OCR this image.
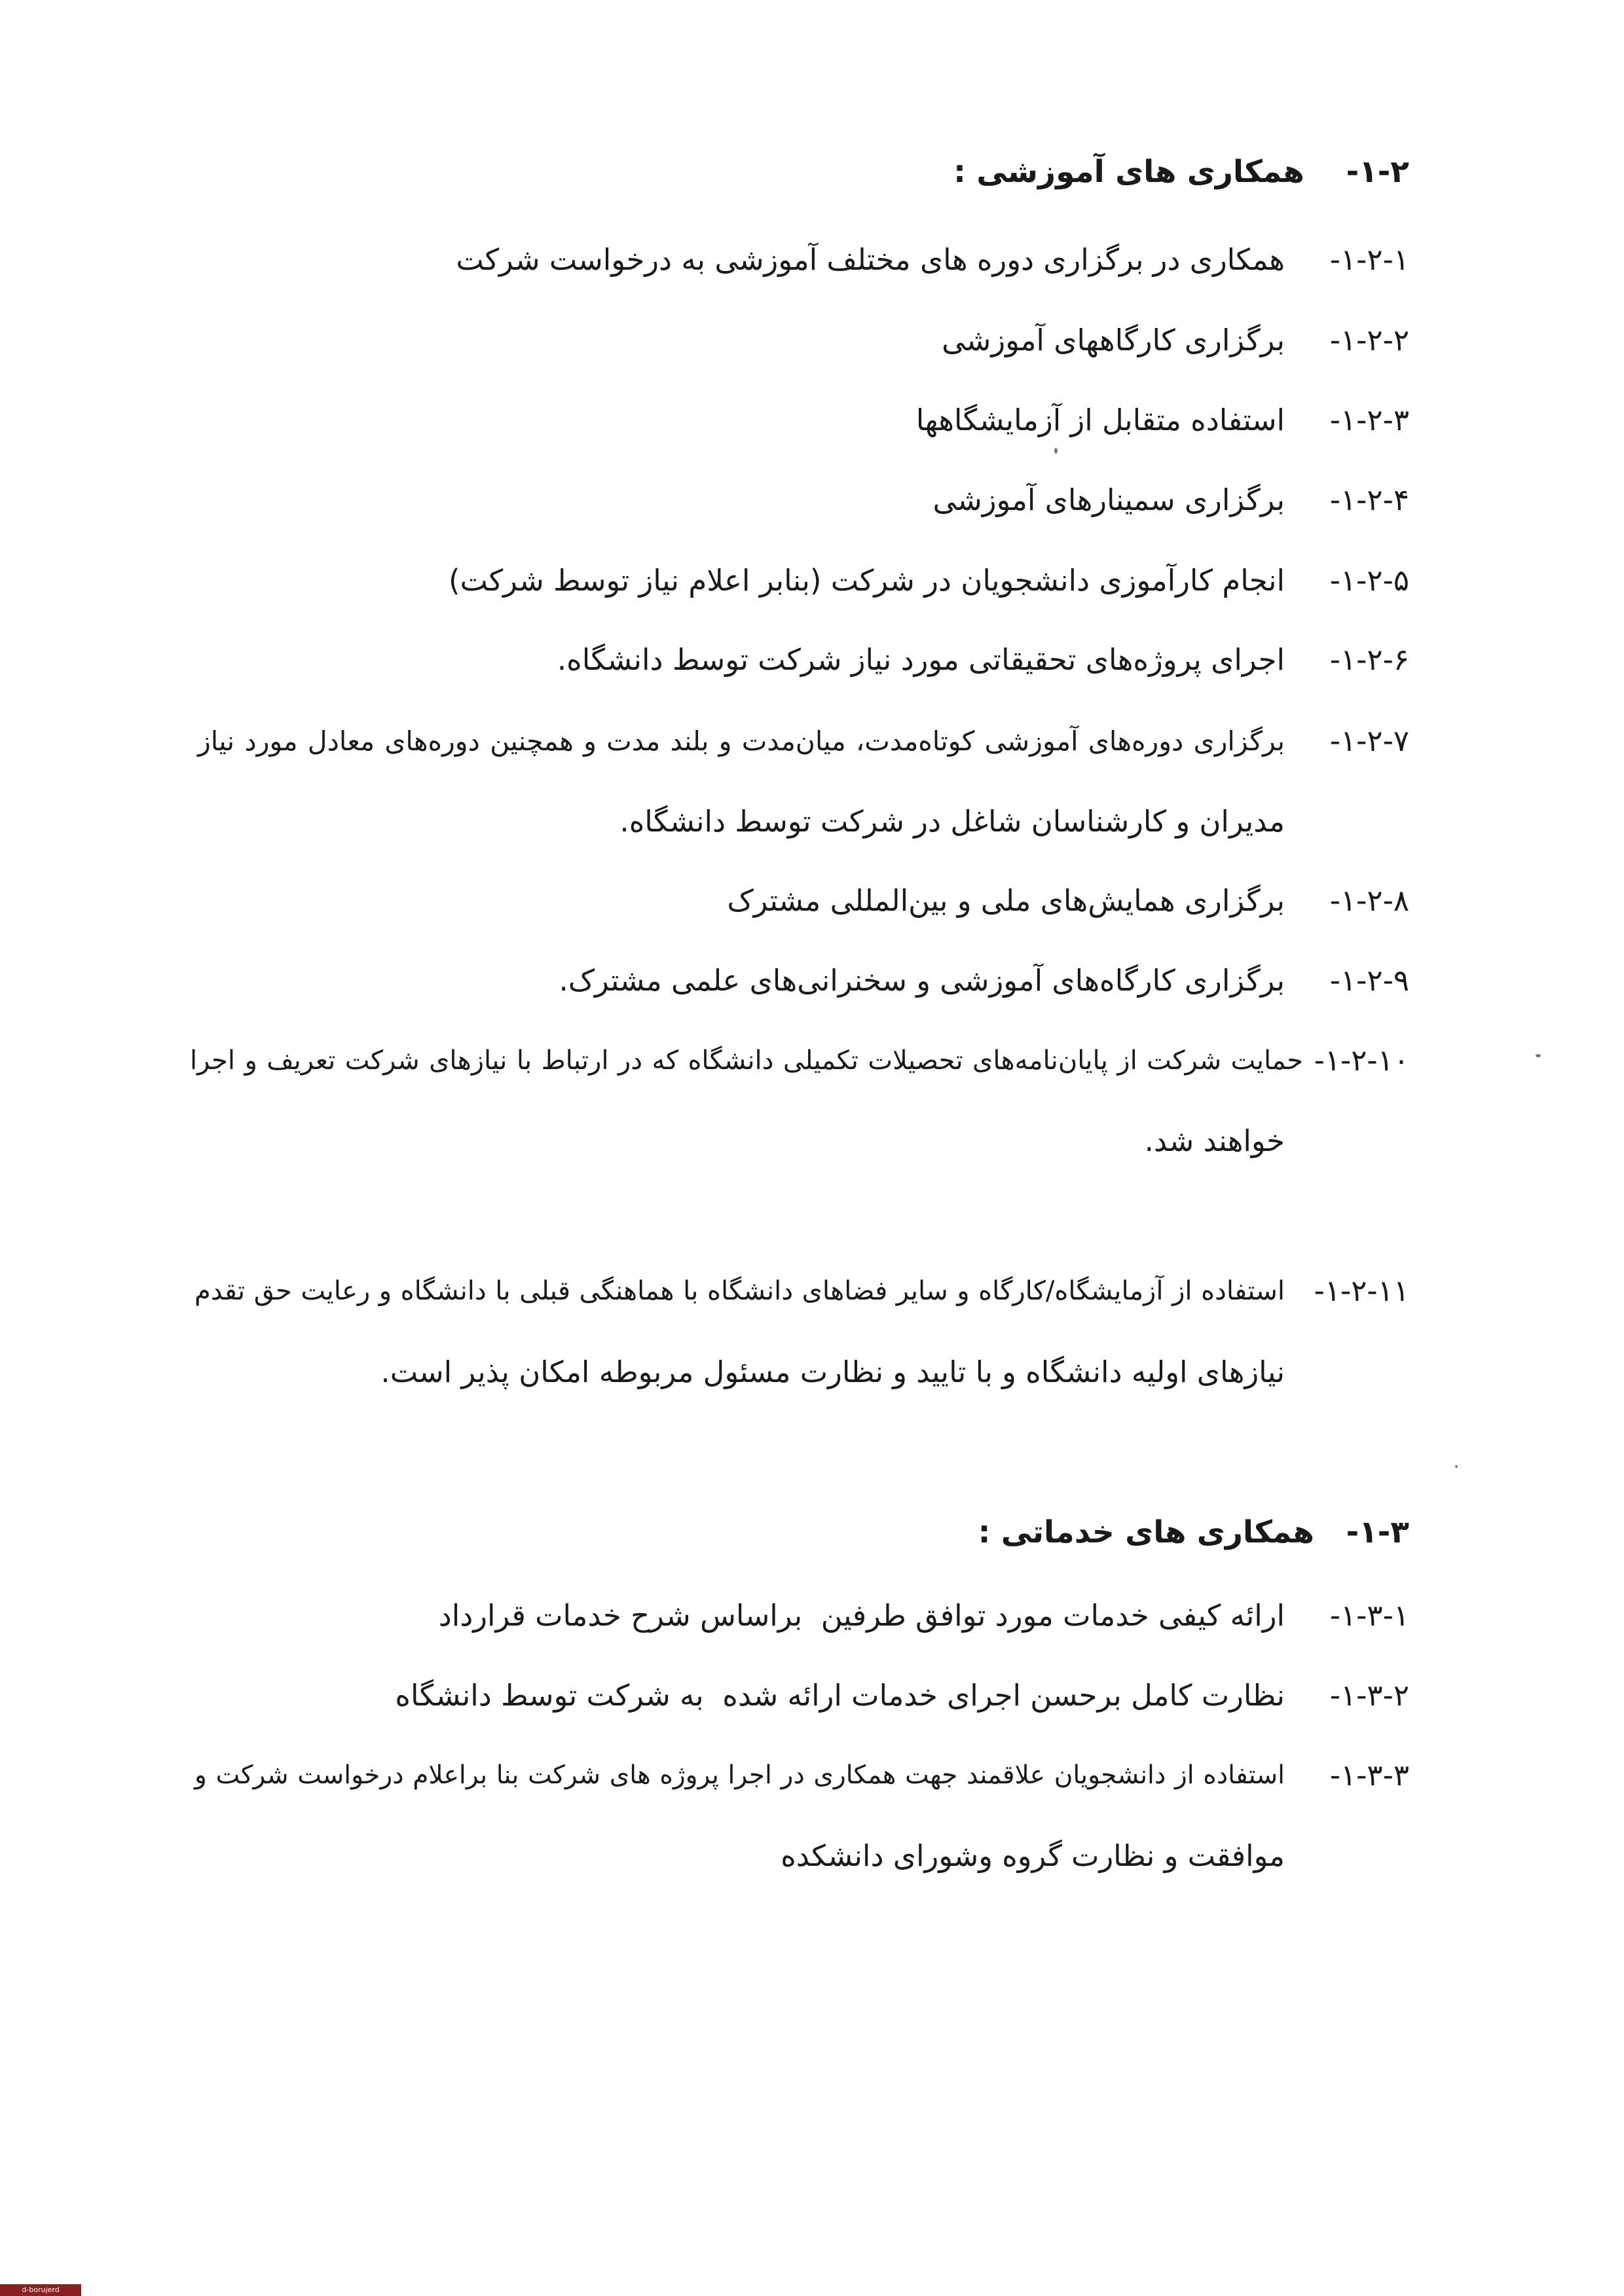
۱-۲-
همکاری های آموزشی :
۱-۲-۱-
همکاری در برگزاری دوره های مختلف آموزشی به درخواست شرکت
۱-۲-۲-
برگزاری کارگاههای آموزشی
۱-۲-۳-
استفاده متقابل از آزمایشگاهها
۱-۲-۴-
برگزاری سمینارهای آموزشی
۱-۲-۵-
انجام کارآموزی دانشجویان در شرکت (بنابر اعلام نیاز توسط شرکت)
۱-۲-۶-
اجرای پروژه‌های تحقیقاتی مورد نیاز شرکت توسط دانشگاه.
۱-۲-۷-
برگزاری دوره‌های آموزشی کوتاه‌مدت، میان‌مدت و بلند مدت و همچنین دوره‌های معادل مورد نیاز
مدیران و کارشناسان شاغل در شرکت توسط دانشگاه.
۱-۲-۸-
برگزاری همایش‌های ملی و بین‌المللی مشترک
۱-۲-۹-
برگزاری کارگاه‌های آموزشی و سخنرانی‌های علمی مشترک.
۱-۲-۱۰-
حمایت شرکت از پایان‌نامه‌های تحصیلات تکمیلی دانشگاه که در ارتباط با نیازهای شرکت تعریف و اجرا
خواهند شد.
۱-۲-۱۱-
استفاده از آزمایشگاه/کارگاه و سایر فضاهای دانشگاه با هماهنگی قبلی با دانشگاه و رعایت حق تقدم
نیازهای اولیه دانشگاه و با تایید و نظارت مسئول مربوطه امکان پذیر است.
۱-۳-
همکاری های خدماتی :
۱-۳-۱-
ارائه کیفی خدمات مورد توافق طرفین  براساس شرح خدمات قرارداد
۱-۳-۲-
نظارت کامل برحسن اجرای خدمات ارائه شده  به شرکت توسط دانشگاه
۱-۳-۳-
استفاده از دانشجویان علاقمند جهت همکاری در اجرا پروژه های شرکت بنا براعلام درخواست شرکت و
موافقت و نظارت گروه وشورای دانشکده
d-borujerd
